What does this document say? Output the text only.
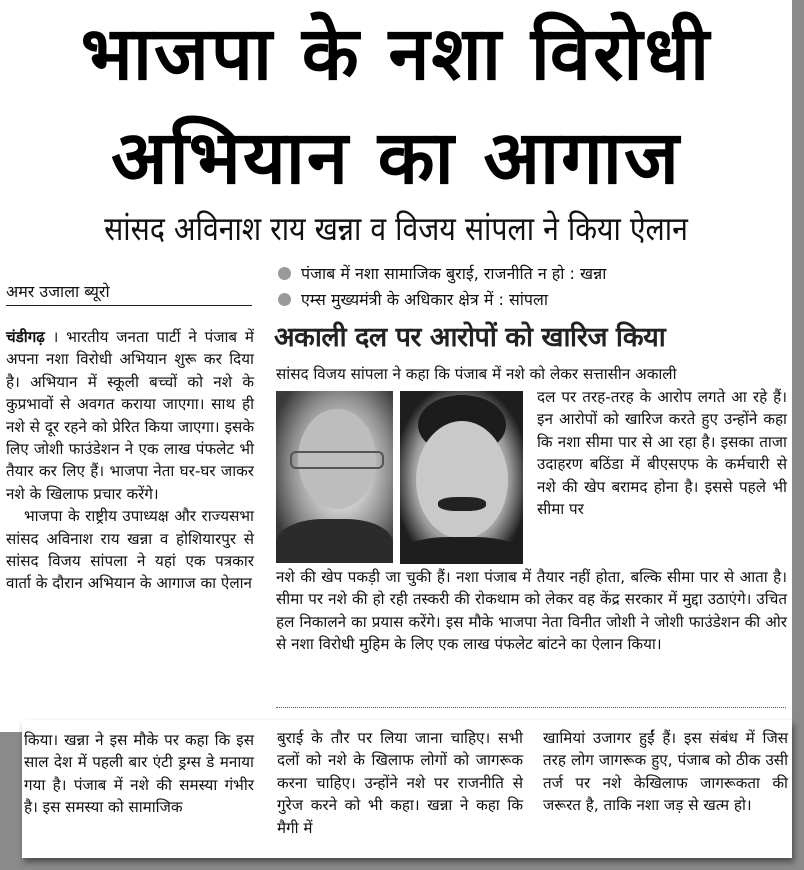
भाजपा के नशा विरोधी
अभियान का आगाज
सांसद अविनाश राय खन्ना व विजय सांपला ने किया ऐलान
अमर उजाला ब्यूरो
पंजाब में नशा सामाजिक बुराई, राजनीति न हो : खन्ना
एम्स मुख्यमंत्री के अधिकार क्षेत्र में : सांपला
अकाली दल पर आरोपों को खारिज किया

चंडीगढ़ । भारतीय जनता पार्टी ने पंजाब में अपना नशा विरोधी अभियान शुरू कर दिया है। अभियान में स्कूली बच्चों को नशे के कुप्रभावों से अवगत कराया जाएगा। साथ ही नशे से दूर रहने को प्रेरित किया जाएगा। इसके लिए जोशी फाउंडेशन ने एक लाख पंफलेट भी तैयार कर लिए हैं। भाजपा नेता घर-घर जाकर नशे के खिलाफ प्रचार करेंगे।

भाजपा के राष्ट्रीय उपाध्यक्ष और राज्यसभा सांसद अविनाश राय खन्ना व होशियारपुर से सांसद विजय सांपला ने यहां एक पत्रकार वार्ता के दौरान अभियान के आगाज का ऐलान

किया। खन्ना ने इस मौके पर कहा कि इस साल देश में पहली बार एंटी ड्रग्स डे मनाया गया है। पंजाब में नशे की समस्या गंभीर है। इस समस्या को सामाजिक
सांसद विजय सांपला ने कहा कि पंजाब में नशे को लेकर सत्तासीन अकाली
दल पर तरह-तरह के आरोप लगते आ रहे हैं। इन आरोपों को खारिज करते हुए उन्होंने कहा कि नशा सीमा पार से आ रहा है। इसका ताजा उदाहरण बठिंडा में बीएसएफ के कर्मचारी से नशे की खेप बरामद होना है। इससे पहले भी सीमा पर
नशे की खेप पकड़ी जा चुकी हैं। नशा पंजाब में तैयार नहीं होता, बल्कि सीमा पार से आता है। सीमा पर नशे की हो रही तस्करी की रोकथाम को लेकर वह केंद्र सरकार में मुद्दा उठाएंगे। उचित हल निकालने का प्रयास करेंगे। इस मौके भाजपा नेता विनीत जोशी ने जोशी फाउंडेशन की ओर से नशा विरोधी मुहिम के लिए एक लाख पंफलेट बांटने का ऐलान किया।
बुराई के तौर पर लिया जाना चाहिए। सभी दलों को नशे के खिलाफ लोगों को जागरूक करना चाहिए। उन्होंने नशे पर राजनीति से गुरेज करने को भी कहा। खन्ना ने कहा कि मैगी में
खामियां उजागर हुईं हैं। इस संबंध में जिस तरह लोग जागरूक हुए, पंजाब को ठीक उसी तर्ज पर नशे केखिलाफ जागरूकता की जरूरत है, ताकि नशा जड़ से खत्म हो।
